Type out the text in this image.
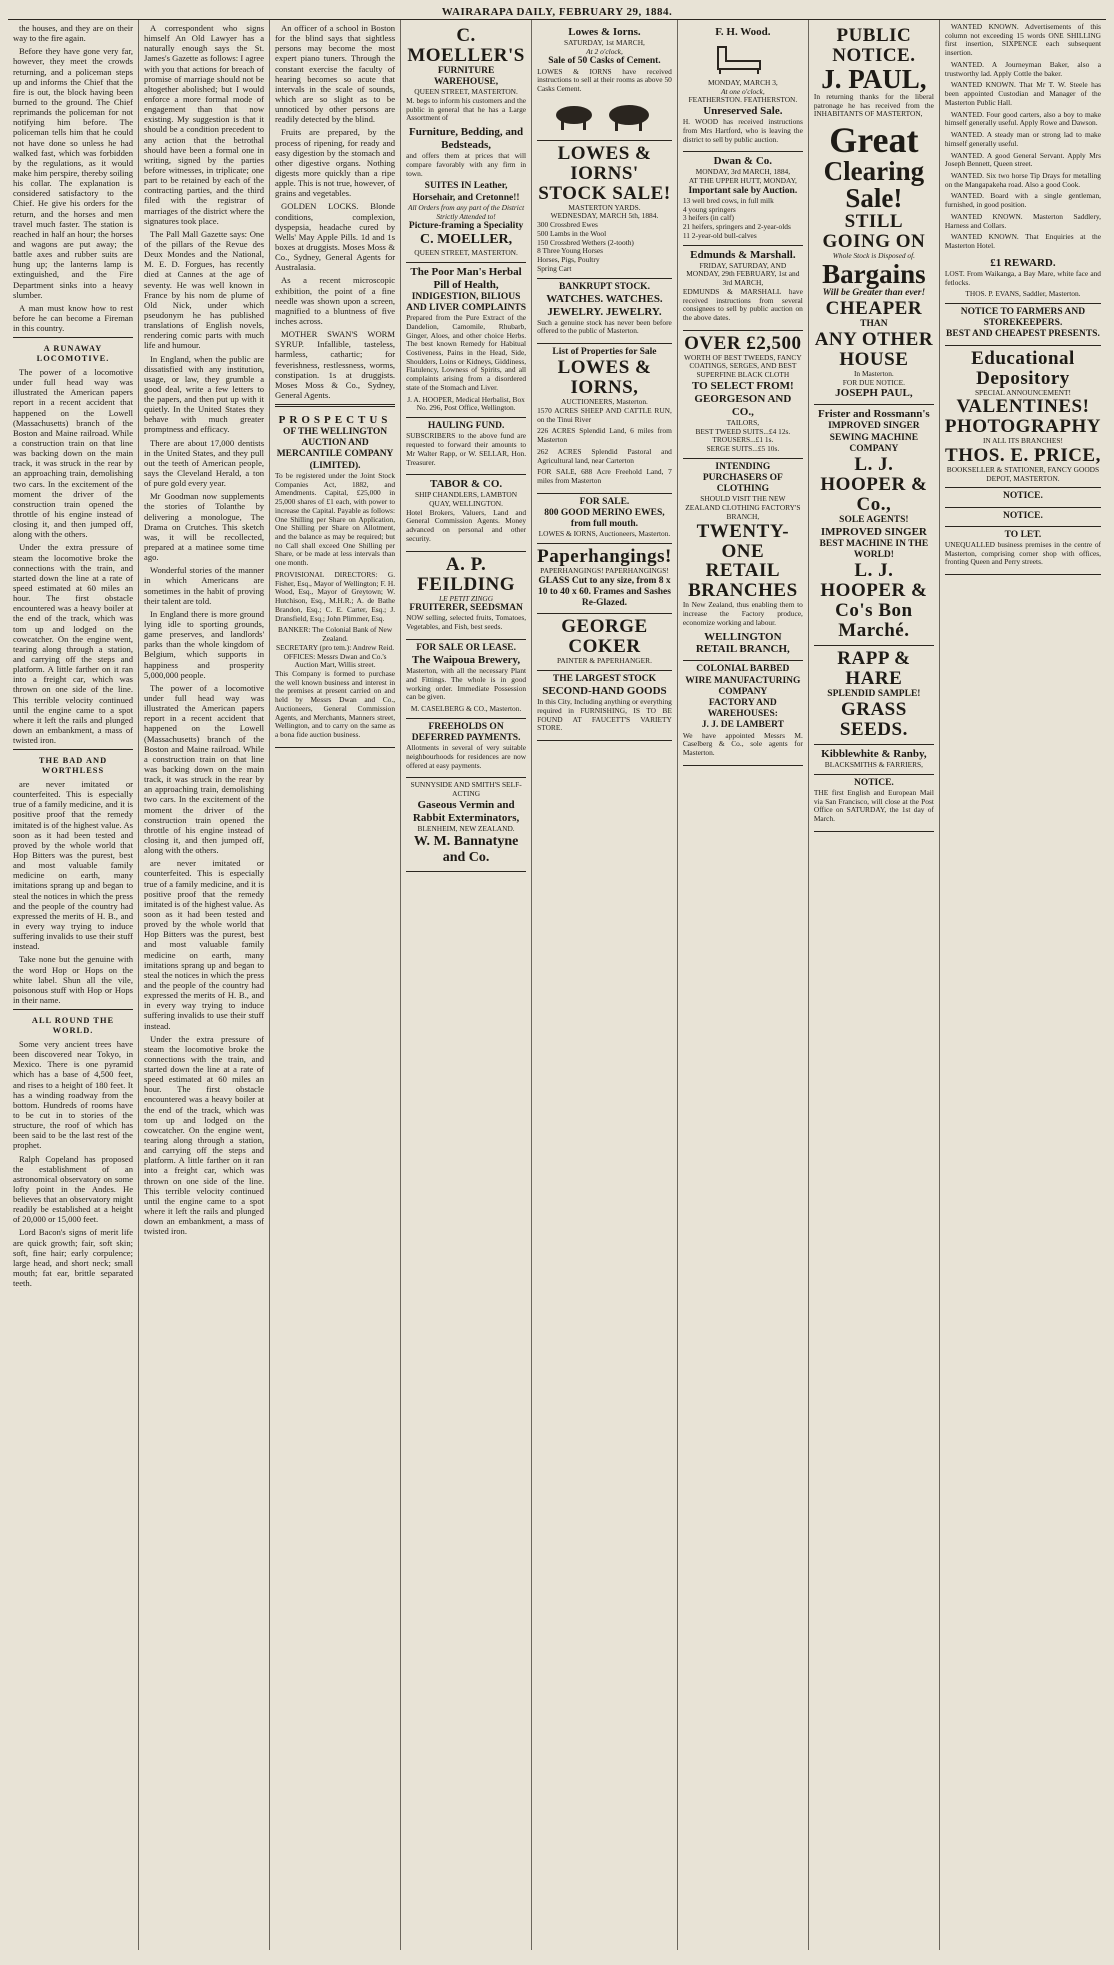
WAIRARAPA DAILY, FEBRUARY 29, 1884.

the houses, and they are on their way to the fire again.

Before they have gone very far, however, they meet the crowds returning, and a policeman steps up and informs the Chief that the fire is out, the block having been burned to the ground. The Chief reprimands the policeman for not notifying him before. The policeman tells him that he could not have done so unless he had walked fast, which was forbidden by the regulations, as it would make him perspire, thereby soiling his collar. The explanation is considered satisfactory to the Chief. He give his orders for the return, and the horses and men travel much faster. The station is reached in half an hour; the horses and wagons are put away; the battle axes and rubber suits are hung up; the lanterns lamp is extinguished, and the Fire Department sinks into a heavy slumber.

A man must know how to rest before he can become a Fireman in this country.

A RUNAWAY LOCOMOTIVE.

The power of a locomotive under full head way was illustrated the American papers report in a recent accident that happened on the Lowell (Massachusetts) branch of the Boston and Maine railroad. While a construction train on that line was backing down on the main track, it was struck in the rear by an approaching train, demolishing two cars. In the excitement of the moment the driver of the construction train opened the throttle of his engine instead of closing it, and then jumped off, along with the others.

Under the extra pressure of steam the locomotive broke the connections with the train, and started down the line at a rate of speed estimated at 60 miles an hour. The first obstacle encountered was a heavy boiler at the end of the track, which was tom up and lodged on the cowcatcher. On the engine went, tearing along through a station, and carrying off the steps and platform. A little farther on it ran into a freight car, which was thrown on one side of the line. This terrible velocity continued until the engine came to a spot where it left the rails and plunged down an embankment, a mass of twisted iron.

THE BAD AND WORTHLESS

are never imitated or counterfeited. This is especially true of a family medicine, and it is positive proof that the remedy imitated is of the highest value. As soon as it had been tested and proved by the whole world that Hop Bitters was the purest, best and most valuable family medicine on earth, many imitations sprang up and began to steal the notices in which the press and the people of the country had expressed the merits of H. B., and in every way trying to induce suffering invalids to use their stuff instead.

Take none but the genuine with the word Hop or Hops on the white label. Shun all the vile, poisonous stuff with Hop or Hops in their name.

ALL ROUND THE WORLD.

Some very ancient trees have been discovered near Tokyo, in Mexico. There is one pyramid which has a base of 4,500 feet, and rises to a height of 180 feet. It has a winding roadway from the bottom. Hundreds of rooms have to be cut in to stories of the structure, the roof of which has been said to be the last rest of the prophet.

Ralph Copeland has proposed the establishment of an astronomical observatory on some lofty point in the Andes. He believes that an observatory might readily be established at a height of 20,000 or 15,000 feet.

Lord Bacon's signs of merit life are quick growth; fair, soft skin; soft, fine hair; early corpulence; large head, and short neck; small mouth; fat ear, brittle separated teeth.

A correspondent who signs himself An Old Lawyer has a naturally enough says the St. James's Gazette as follows: I agree with you that actions for breach of promise of marriage should not be altogether abolished; but I would enforce a more formal mode of engagement than that now existing. My suggestion is that it should be a condition precedent to any action that the betrothal should have been a formal one in writing, signed by the parties before witnesses, in triplicate; one part to be retained by each of the contracting parties, and the third filed with the registrar of marriages of the district where the signatures took place.

The Pall Mall Gazette says: One of the pillars of the Revue des Deux Mondes and the National, M. E. D. Forgues, has recently died at Cannes at the age of seventy. He was well known in France by his nom de plume of Old Nick, under which pseudonym he has published translations of English novels, rendering comic parts with much life and humour.

In England, when the public are dissatisfied with any institution, usage, or law, they grumble a good deal, write a few letters to the papers, and then put up with it quietly. In the United States they behave with much greater promptness and efficacy.

There are about 17,000 dentists in the United States, and they pull out the teeth of American people, says the Cleveland Herald, a ton of pure gold every year.

Mr Goodman now supplements the stories of Tolanthe by delivering a monologue, The Drama on Crutches. This sketch was, it will be recollected, prepared at a matinee some time ago.

Wonderful stories of the manner in which Americans are sometimes in the habit of proving their talent are told.

In England there is more ground lying idle to sporting grounds, game preserves, and landlords' parks than the whole kingdom of Belgium, which supports in happiness and prosperity 5,000,000 people.

The power of a locomotive under full head way was illustrated the American papers report in a recent accident that happened on the Lowell (Massachusetts) branch of the Boston and Maine railroad. While a construction train on that line was backing down on the main track, it was struck in the rear by an approaching train, demolishing two cars. In the excitement of the moment the driver of the construction train opened the throttle of his engine instead of closing it, and then jumped off, along with the others.

are never imitated or counterfeited. This is especially true of a family medicine, and it is positive proof that the remedy imitated is of the highest value. As soon as it had been tested and proved by the whole world that Hop Bitters was the purest, best and most valuable family medicine on earth, many imitations sprang up and began to steal the notices in which the press and the people of the country had expressed the merits of H. B., and in every way trying to induce suffering invalids to use their stuff instead.

Under the extra pressure of steam the locomotive broke the connections with the train, and started down the line at a rate of speed estimated at 60 miles an hour. The first obstacle encountered was a heavy boiler at the end of the track, which was tom up and lodged on the cowcatcher. On the engine went, tearing along through a station, and carrying off the steps and platform. A little farther on it ran into a freight car, which was thrown on one side of the line. This terrible velocity continued until the engine came to a spot where it left the rails and plunged down an embankment, a mass of twisted iron.

An officer of a school in Boston for the blind says that sightless persons may become the most expert piano tuners. Through the constant exercise the faculty of hearing becomes so acute that intervals in the scale of sounds, which are so slight as to be unnoticed by other persons are readily detected by the blind.

Fruits are prepared, by the process of ripening, for ready and easy digestion by the stomach and other digestive organs. Nothing digests more quickly than a ripe apple. This is not true, however, of grains and vegetables.

GOLDEN LOCKS. Blonde conditions, complexion, dyspepsia, headache cured by Wells' May Apple Pills. 1d and 1s boxes at druggists. Moses Moss & Co., Sydney, General Agents for Australasia.

As a recent microscopic exhibition, the point of a fine needle was shown upon a screen, magnified to a bluntness of five inches across.

MOTHER SWAN'S WORM SYRUP. Infallible, tasteless, harmless, cathartic; for feverishness, restlessness, worms, constipation. 1s at druggists. Moses Moss & Co., Sydney, General Agents.

PROSPECTUS
OF THE WELLINGTON AUCTION AND MERCANTILE COMPANY (LIMITED).

To be registered under the Joint Stock Companies Act, 1882, and Amendments. Capital, £25,000 in 25,000 shares of £1 each, with power to increase the Capital. Payable as follows: One Shilling per Share on Application, One Shilling per Share on Allotment, and the balance as may be required; but no Call shall exceed One Shilling per Share, or be made at less intervals than one month.

PROVISIONAL DIRECTORS: G. Fisher, Esq., Mayor of Wellington; F. H. Wood, Esq., Mayor of Greytown; W. Hutchison, Esq., M.H.R.; A. de Bathe Brandon, Esq.; C. E. Carter, Esq.; J. Dransfield, Esq.; John Plimmer, Esq.

BANKER: The Colonial Bank of New Zealand.
SECRETARY (pro tem.): Andrew Reid.
OFFICES: Messrs Dwan and Co.'s Auction Mart, Willis street.

This Company is formed to purchase the well known business and interest in the premises at present carried on and held by Messrs Dwan and Co., Auctioneers, General Commission Agents, and Merchants, Manners street, Wellington, and to carry on the same as a bona fide auction business.

C. MOELLER'S
FURNITURE WAREHOUSE,
QUEEN STREET, MASTERTON.

M. begs to inform his customers and the public in general that he has a Large Assortment of

Furniture, Bedding, and Bedsteads,

and offers them at prices that will compare favorably with any firm in town.

SUITES IN Leather, Horsehair, and Cretonne!!
All Orders from any part of the District Strictly Attended to!
Picture-framing a Speciality
C. MOELLER,
QUEEN STREET, MASTERTON.
The Poor Man's Herbal Pill of Health,
INDIGESTION, BILIOUS AND LIVER COMPLAINTS

Prepared from the Pure Extract of the Dandelion, Camomile, Rhubarb, Ginger, Aloes, and other choice Herbs. The best known Remedy for Habitual Costiveness, Pains in the Head, Side, Shoulders, Loins or Kidneys, Giddiness, Flatulency, Lowness of Spirits, and all complaints arising from a disordered state of the Stomach and Liver.

J. A. HOOPER, Medical Herbalist, Box No. 296, Post Office, Wellington.
HAULING FUND.

SUBSCRIBERS to the above fund are requested to forward their amounts to Mr Walter Rapp, or W. SELLAR, Hon. Treasurer.

TABOR & CO.
SHIP CHANDLERS, LAMBTON QUAY, WELLINGTON.

Hotel Brokers, Valuers, Land and General Commission Agents. Money advanced on personal and other security.

A. P. FEILDING
LE PETIT ZINGG
FRUITERER, SEEDSMAN

NOW selling, selected fruits, Tomatoes, Vegetables, and Fish, best seeds.

FOR SALE OR LEASE.
The Waipoua Brewery,

Masterton, with all the necessary Plant and Fittings. The whole is in good working order. Immediate Possession can be given.

M. CASELBERG & CO., Masterton.
FREEHOLDS ON DEFERRED PAYMENTS.

Allotments in several of very suitable neighbourhoods for residences are now offered at easy payments.

SUNNYSIDE AND SMITH'S SELF-ACTING
Gaseous Vermin and Rabbit Exterminators,
BLENHEIM, NEW ZEALAND.
W. M. Bannatyne and Co.
Lowes & Iorns.
SATURDAY, 1st MARCH,
At 2 o'clock,
Sale of 50 Casks of Cement.

LOWES & IORNS have received instructions to sell at their rooms as above 50 Casks Cement.

LOWES & IORNS' STOCK SALE!
MASTERTON YARDS.
WEDNESDAY, MARCH 5th, 1884.
300 Crossbred Ewes
500 Lambs in the Wool
150 Crossbred Wethers (2-tooth)
8 Three Young Horses
Horses, Pigs, Poultry
Spring Cart
BANKRUPT STOCK.
WATCHES. WATCHES.
JEWELRY. JEWELRY.

Such a genuine stock has never been before offered to the public of Masterton.

List of Properties for Sale
LOWES & IORNS,
AUCTIONEERS, Masterton.

1570 ACRES SHEEP AND CATTLE RUN, on the Tinui River

226 ACRES Splendid Land, 6 miles from Masterton

262 ACRES Splendid Pastoral and Agricultural land, near Carterton

FOR SALE, 688 Acre Freehold Land, 7 miles from Masterton

FOR SALE.
800 GOOD MERINO EWES, from full mouth.
LOWES & IORNS, Auctioneers, Masterton.
Paperhangings!
PAPERHANGINGS! PAPERHANGINGS!
GLASS Cut to any size, from 8 x 10 to 40 x 60. Frames and Sashes Re-Glazed.
GEORGE COKER
PAINTER & PAPERHANGER.
THE LARGEST STOCK
SECOND-HAND GOODS

In this City, Including anything or everything required in FURNISHING, IS TO BE FOUND AT FAUCETT'S VARIETY STORE.

F. H. Wood.
MONDAY, MARCH 3,
At one o'clock,
FEATHERSTON. FEATHERSTON.
Unreserved Sale.

H. WOOD has received instructions from Mrs Hartford, who is leaving the district to sell by public auction.

Dwan & Co.
MONDAY, 3rd MARCH, 1884,
AT THE UPPER HUTT, MONDAY,
Important sale by Auction.
13 well bred cows, in full milk
4 young springers
3 heifers (in calf)
21 heifers, springers and 2-year-olds
11 2-year-old bull-calves
Edmunds & Marshall.
FRIDAY, SATURDAY, AND MONDAY, 29th FEBRUARY, 1st and 3rd MARCH,

EDMUNDS & MARSHALL have received instructions from several consignees to sell by public auction on the above dates.

OVER £2,500
WORTH OF BEST TWEEDS, FANCY COATINGS, SERGES, AND BEST SUPERFINE BLACK CLOTH
TO SELECT FROM!
GEORGESON AND CO.,
TAILORS,
BEST TWEED SUITS...£4 12s.
TROUSERS...£1 1s.
SERGE SUITS...£5 10s.
INTENDING PURCHASERS OF CLOTHING
SHOULD VISIT THE NEW ZEALAND CLOTHING FACTORY'S BRANCH,
TWENTY-ONE RETAIL BRANCHES

In New Zealand, thus enabling them to increase the Factory produce, economize working and labour.

WELLINGTON RETAIL BRANCH,
COLONIAL BARBED WIRE MANUFACTURING COMPANY
FACTORY AND WAREHOUSES:
J. J. DE LAMBERT

We have appointed Messrs M. Caselberg & Co., sole agents for Masterton.

PUBLIC NOTICE.
J. PAUL,

In returning thanks for the liberal patronage he has received from the INHABITANTS OF MASTERTON,

Great
Clearing Sale!
STILL GOING ON
Whole Stock is Disposed of.
Bargains
Will be Greater than ever!
CHEAPER
THAN
ANY OTHER HOUSE
In Masterton.
FOR DUE NOTICE.
JOSEPH PAUL,
Frister and Rossmann's
IMPROVED SINGER SEWING MACHINE COMPANY
L. J. HOOPER & Co.,
SOLE AGENTS!
IMPROVED SINGER
BEST MACHINE IN THE WORLD!
L. J. HOOPER & Co's Bon Marché.
RAPP & HARE
SPLENDID SAMPLE!
GRASS SEEDS.
Kibblewhite & Ranby,
BLACKSMITHS & FARRIERS,
NOTICE.

THE first English and European Mail via San Francisco, will close at the Post Office on SATURDAY, the 1st day of March.

WANTED KNOWN. Advertisements of this column not exceeding 15 words ONE SHILLING first insertion, SIXPENCE each subsequent insertion.

WANTED. A Journeyman Baker, also a trustworthy lad. Apply Cottle the baker.

WANTED KNOWN. That Mr T. W. Steele has been appointed Custodian and Manager of the Masterton Public Hall.

WANTED. Four good carters, also a boy to make himself generally useful. Apply Rowe and Dawson.

WANTED. A steady man or strong lad to make himself generally useful.

WANTED. A good General Servant. Apply Mrs Joseph Bennett, Queen street.

WANTED. Six two horse Tip Drays for metalling on the Mangapakeha road. Also a good Cook.

WANTED. Board with a single gentleman, furnished, in good position.

WANTED KNOWN. Masterton Saddlery, Harness and Collars.

WANTED KNOWN. That Enquiries at the Masterton Hotel.

£1 REWARD.

LOST. From Waikanga, a Bay Mare, white face and fetlocks.

THOS. P. EVANS, Saddler, Masterton.
NOTICE TO FARMERS AND STOREKEEPERS.
BEST AND CHEAPEST PRESENTS.
Educational Depository
SPECIAL ANNOUNCEMENT!
VALENTINES!
PHOTOGRAPHY
IN ALL ITS BRANCHES!
THOS. E. PRICE,
BOOKSELLER & STATIONER, FANCY GOODS DEPOT, MASTERTON.
NOTICE.
NOTICE.
TO LET.

UNEQUALLED business premises in the centre of Masterton, comprising corner shop with offices, fronting Queen and Perry streets.
